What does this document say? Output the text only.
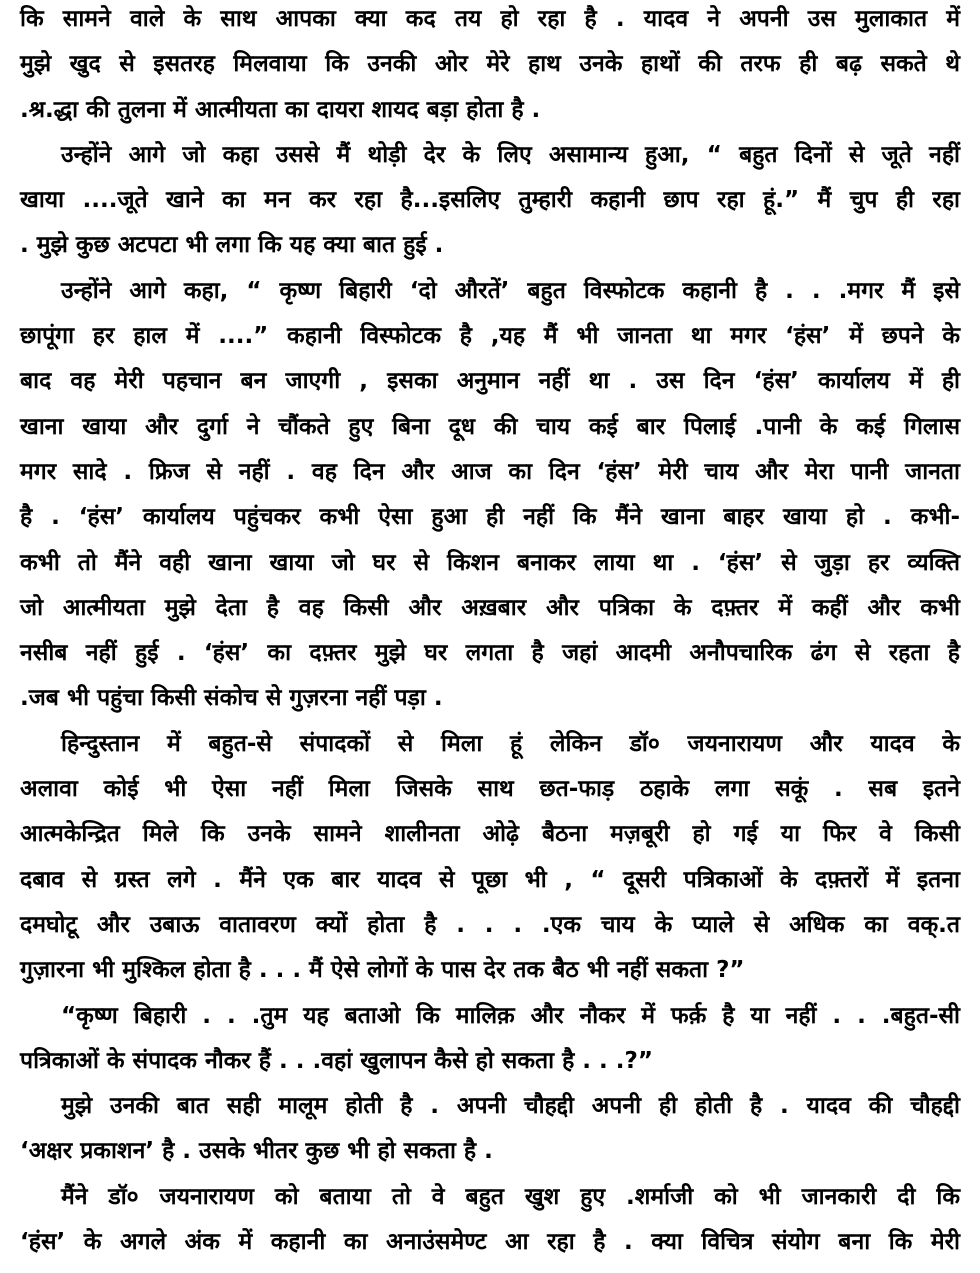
कि सामने वाले के साथ आपका क्या कद तय हो रहा है . यादव ने अपनी उस मुलाकात में
मुझे खुद से इसतरह मिलवाया कि उनकी ओर मेरे हाथ उनके हाथों की तरफ ही बढ़ सकते थे
.श्र.द्धा की तुलना में आत्मीयता का दायरा शायद बड़ा होता है .
उन्होंने आगे जो कहा उससे मैं थोड़ी देर के लिए असामान्य हुआ, “ बहुत दिनों से जूते नहीं
खाया ....जूते खाने का मन कर रहा है...इसलिए तुम्हारी कहानी छाप रहा हूं.” मैं चुप ही रहा
. मुझे कुछ अटपटा भी लगा कि यह क्या बात हुई .
उन्होंने आगे कहा, “ कृष्ण बिहारी ‘दो औरतें’ बहुत विस्फोटक कहानी है . . .मगर मैं इसे
छापूंगा हर हाल में ....” कहानी विस्फोटक है ,यह मैं भी जानता था मगर ‘हंस’ में छपने के
बाद वह मेरी पहचान बन जाएगी , इसका अनुमान नहीं था . उस दिन ‘हंस’ कार्यालय में ही
खाना खाया और दुर्गा ने चौंकते हुए बिना दूध की चाय कई बार पिलाई .पानी के कई गिलास
मगर सादे . फ्रिज से नहीं . वह दिन और आज का दिन ‘हंस’ मेरी चाय और मेरा पानी जानता
है . ‘हंस’ कार्यालय पहुंचकर कभी ऐसा हुआ ही नहीं कि मैंने खाना बाहर खाया हो . कभी-
कभी तो मैंने वही खाना खाया जो घर से किशन बनाकर लाया था . ‘हंस’ से जुड़ा हर व्यक्ति
जो आत्मीयता मुझे देता है वह किसी और अख़बार और पत्रिका के दफ़्तर में कहीं और कभी
नसीब नहीं हुई . ‘हंस’ का दफ़्तर मुझे घर लगता है जहां आदमी अनौपचारिक ढंग से रहता है
.जब भी पहुंचा किसी संकोच से गुज़रना नहीं पड़ा .
हिन्दुस्तान में बहुत-से संपादकों से मिला हूं लेकिन डॉ० जयनारायण और यादव के
अलावा कोई भी ऐसा नहीं मिला जिसके साथ छत-फाड़ ठहाके लगा सकूं . सब इतने
आत्मकेन्द्रित मिले कि उनके सामने शालीनता ओढ़े बैठना मज़बूरी हो गई या फिर वे किसी
दबाव से ग्रस्त लगे . मैंने एक बार यादव से पूछा भी , “ दूसरी पत्रिकाओं के दफ़्तरों में इतना
दमघोटू और उबाऊ वातावरण क्यों होता है . . . .एक चाय के प्याले से अधिक का वक्.त
गुज़ारना भी मुश्किल होता है . . . मैं ऐसे लोगों के पास देर तक बैठ भी नहीं सकता ?”
“कृष्ण बिहारी . . .तुम यह बताओ कि मालिक़ और नौकर में फर्क़ है या नहीं . . .बहुत-सी
पत्रिकाओं के संपादक नौकर हैं . . .वहां खुलापन कैसे हो सकता है . . .?”
मुझे उनकी बात सही मालूम होती है . अपनी चौहद्दी अपनी ही होती है . यादव की चौहद्दी
‘अक्षर प्रकाशन’ है . उसके भीतर कुछ भी हो सकता है .
मैंने डॉ० जयनारायण को बताया तो वे बहुत खुश हुए .शर्माजी को भी जानकारी दी कि
‘हंस’ के अगले अंक में कहानी का अनाउंसमेण्ट आ रहा है . क्या विचित्र संयोग बना कि मेरी
